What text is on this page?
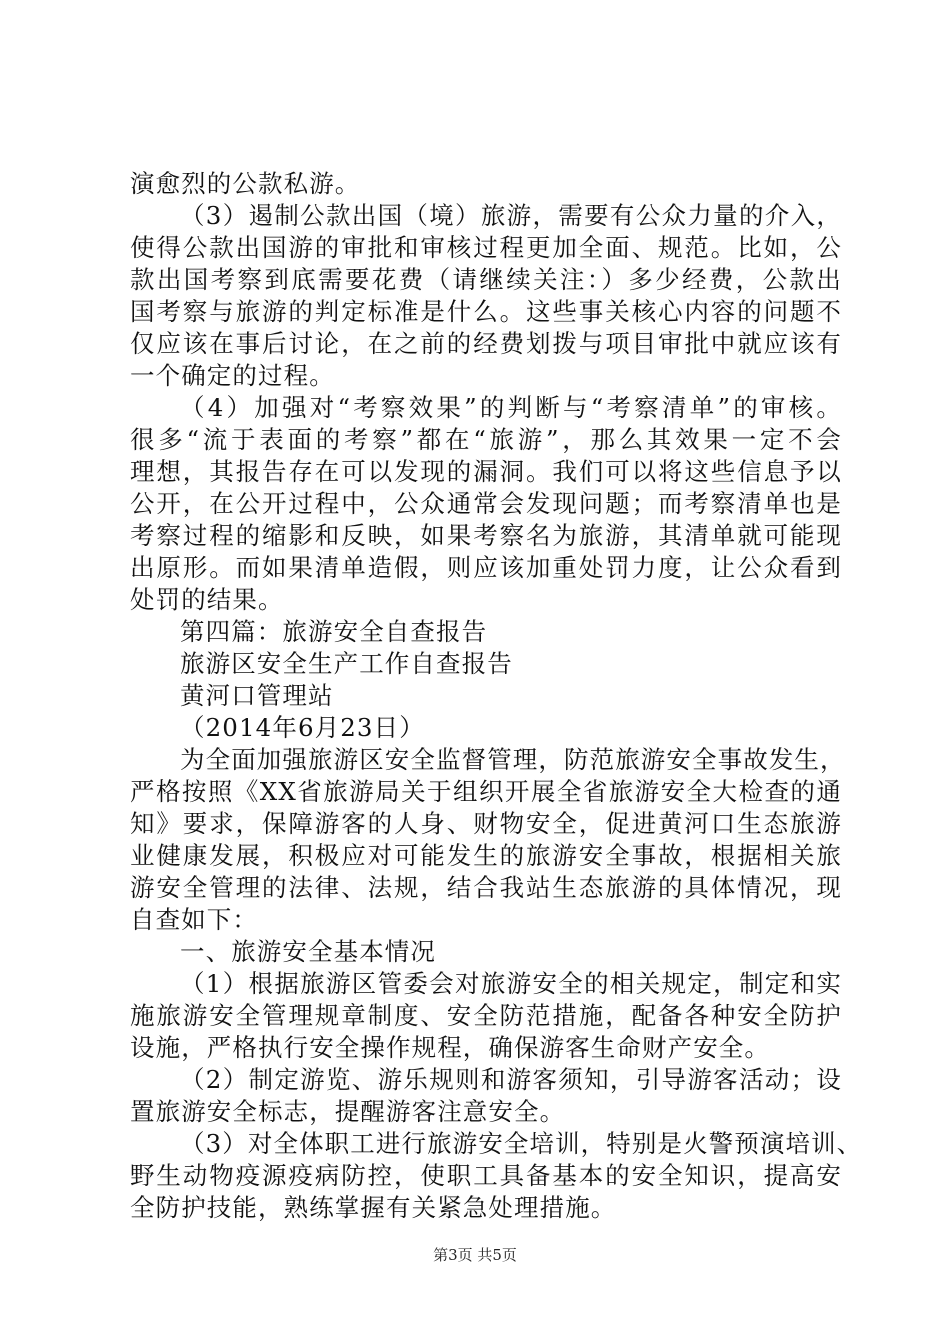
演愈烈的公款私游。
（3）遏制公款出国（境）旅游，需要有公众力量的介入，
使得公款出国游的审批和审核过程更加全面、规范。比如，公
款出国考察到底需要花费（请继续关注：）多少经费，公款出
国考察与旅游的判定标准是什么。这些事关核心内容的问题不
仅应该在事后讨论，在之前的经费划拨与项目审批中就应该有
一个确定的过程。
（4）加强对“考察效果”的判断与“考察清单”的审核。
很多“流于表面的考察”都在“旅游”，那么其效果一定不会
理想，其报告存在可以发现的漏洞。我们可以将这些信息予以
公开，在公开过程中，公众通常会发现问题；而考察清单也是
考察过程的缩影和反映，如果考察名为旅游，其清单就可能现
出原形。而如果清单造假，则应该加重处罚力度，让公众看到
处罚的结果。
第四篇：旅游安全自查报告
旅游区安全生产工作自查报告
黄河口管理站
（2014年6月23日）
为全面加强旅游区安全监督管理，防范旅游安全事故发生，
严格按照《XX省旅游局关于组织开展全省旅游安全大检查的通
知》要求，保障游客的人身、财物安全，促进黄河口生态旅游
业健康发展，积极应对可能发生的旅游安全事故，根据相关旅
游安全管理的法律、法规，结合我站生态旅游的具体情况，现
自查如下：
一、旅游安全基本情况
（1）根据旅游区管委会对旅游安全的相关规定，制定和实
施旅游安全管理规章制度、安全防范措施，配备各种安全防护
设施，严格执行安全操作规程，确保游客生命财产安全。
（2）制定游览、游乐规则和游客须知，引导游客活动；设
置旅游安全标志，提醒游客注意安全。
（3）对全体职工进行旅游安全培训，特别是火警预演培训、
野生动物疫源疫病防控，使职工具备基本的安全知识，提高安
全防护技能，熟练掌握有关紧急处理措施。
第3页 共5页
